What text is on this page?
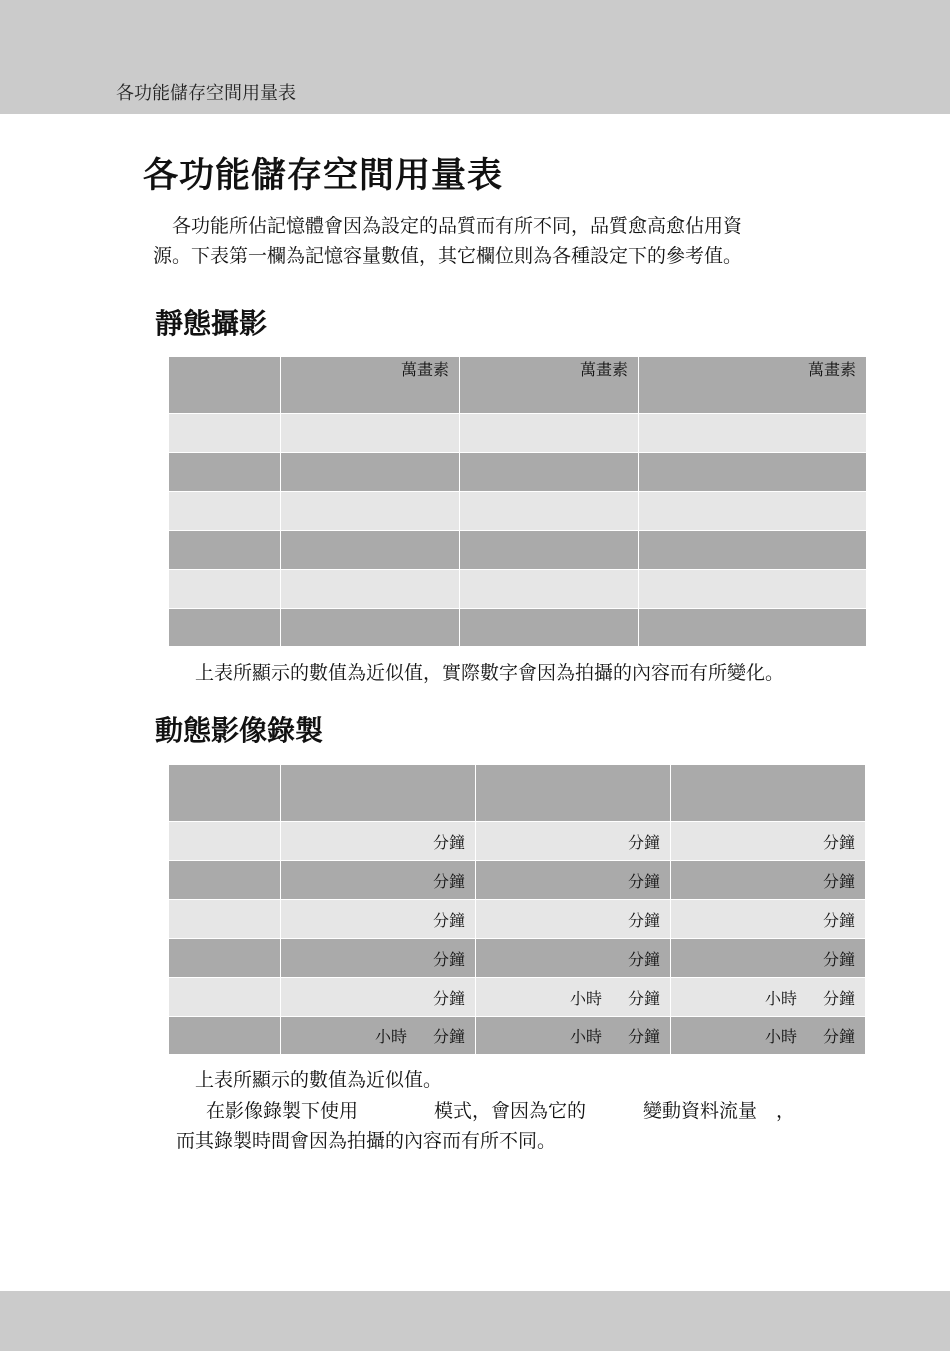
各功能儲存空間用量表
各功能儲存空間用量表

　各功能所佔記憶體會因為設定的品質而有所不同，品質愈高愈佔用資

源。下表第一欄為記憶容量數值，其它欄位則為各種設定下的參考值。

靜態攝影
	萬畫素	萬畫素	萬畫素

上表所顯示的數值為近似值，實際數字會因為拍攝的內容而有所變化。
動態影像錄製

	分鐘	分鐘	分鐘
	分鐘	分鐘	分鐘
	分鐘	分鐘	分鐘
	分鐘	分鐘	分鐘
	分鐘	小時 分鐘	小時 分鐘
	小時 分鐘	小時 分鐘	小時 分鐘
上表所顯示的數值為近似值。
在影像錄製下使用　　　　模式，會因為它的　　　變動資料流量　，
而其錄製時間會因為拍攝的內容而有所不同。
